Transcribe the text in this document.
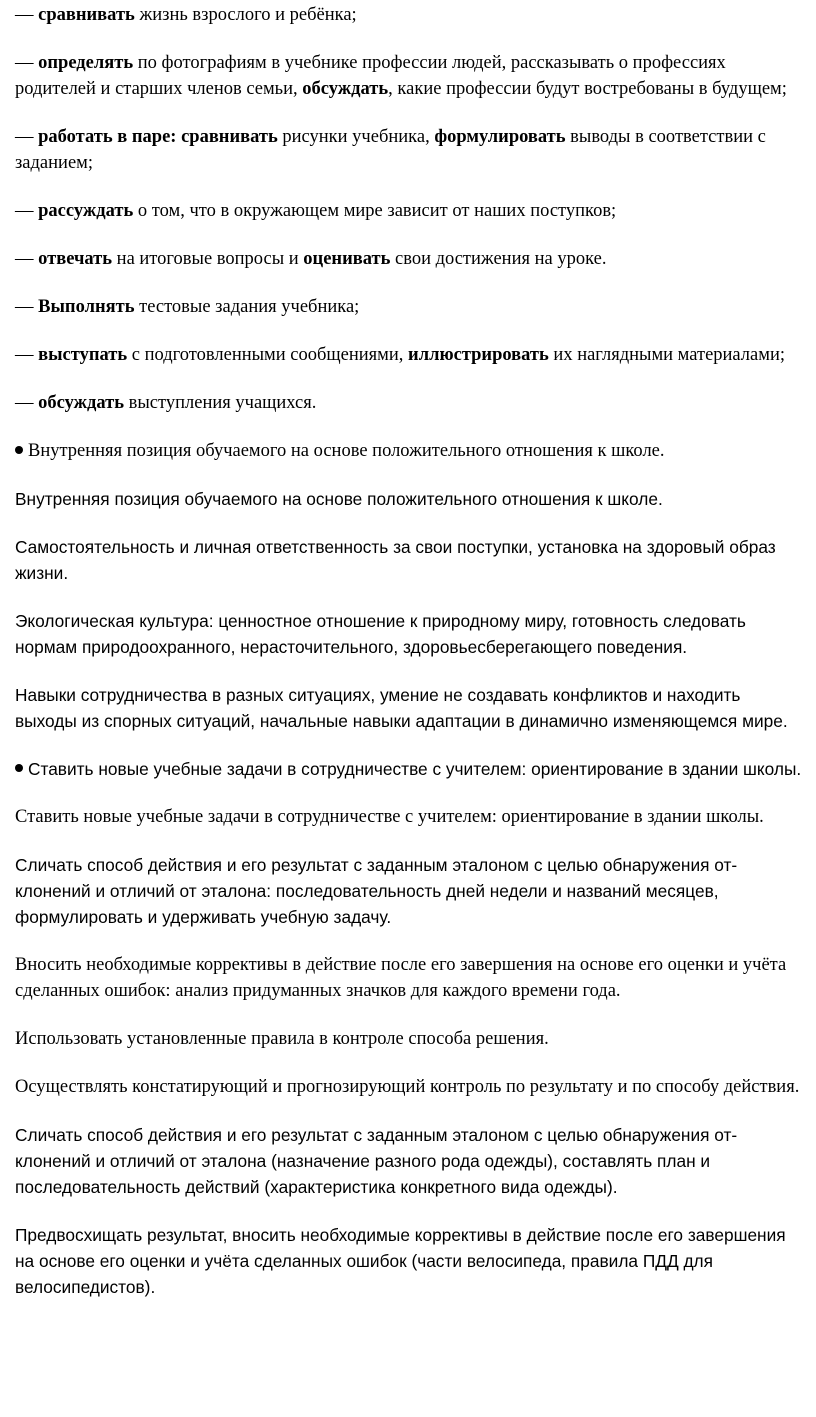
— сравнивать жизнь взрослого и ребёнка;

— определять по фотографиям в учебнике профессии людей, рассказывать о профессиях родителей и старших членов семьи, обсуждать, какие профессии будут востребованы в будущем;

— работать в паре: сравнивать рисунки учебника, формулировать выводы в соответствии с заданием;

— рассуждать о том, что в окружающем мире зависит от наших поступков;

— отвечать на итоговые вопросы и оценивать свои достижения на уроке.

— Выполнять тестовые задания учебника;

— выступать с подготовленными сообщениями, иллюстрировать их наглядными материалами;

— обсуждать выступления учащихся.

Внутренняя позиция обучаемого на основе положительного отношения к школе.

Внутренняя позиция обучаемого на основе положительного отношения к школе.

Самостоятельность и личная ответственность за свои поступки, установка на здоровый образ жизни.

Экологическая культура: ценностное отношение к природному миру, готовность следовать нормам природоохранного, нерасточительного, здоровьесберегающего поведения.

Навыки сотрудничества в разных ситуациях, умение не создавать конфликтов и находить выходы из спорных ситуаций, начальные навыки адаптации в динамично изменяющемся мире.

Ставить новые учебные задачи в сотрудничестве с учителем: ориентирование в здании школы.

Ставить новые учебные задачи в сотрудничестве с учителем: ориентирование в здании школы.

Сличать способ действия и его результат с заданным эталоном с целью обнаружения от-клонений и отличий от эталона: последовательность дней недели и названий месяцев, формулировать и удерживать учебную задачу.

Вносить необходимые коррективы в действие после его завершения на основе его оценки и учёта сделанных ошибок: анализ придуманных значков для каждого времени года.

Использовать установленные правила в контроле способа решения.

Осуществлять констатирующий и прогнозирующий контроль по результату и по способу действия.

Сличать способ действия и его результат с заданным эталоном с целью обнаружения от-клонений и отличий от эталона (назначение разного рода одежды), составлять план и последовательность действий (характеристика конкретного вида одежды).

Предвосхищать результат, вносить необходимые коррективы в действие после его завершения на основе его оценки и учёта сделанных ошибок (части велосипеда, правила ПДД для велосипедистов).
